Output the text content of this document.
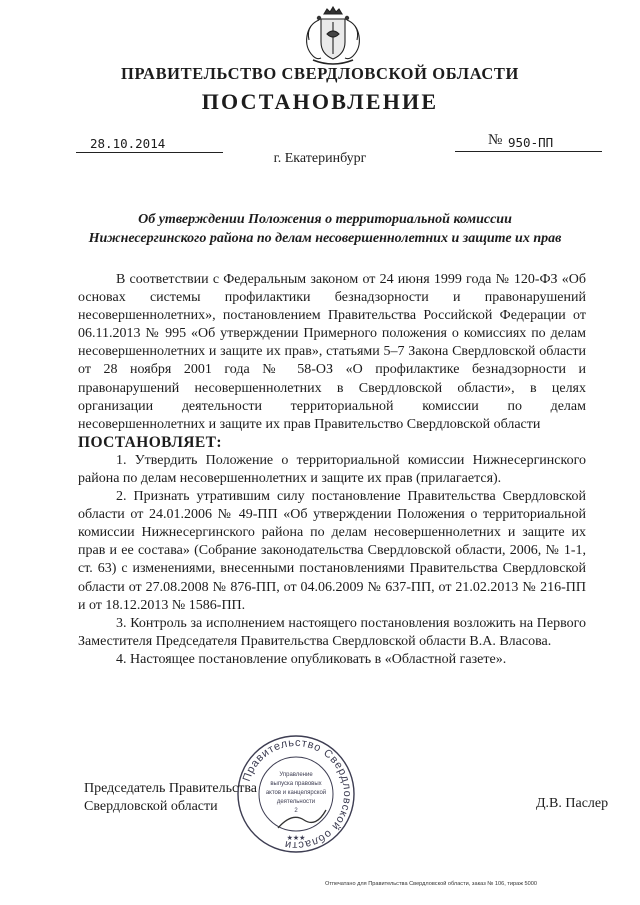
ПРАВИТЕЛЬСТВО СВЕРДЛОВСКОЙ ОБЛАСТИ
ПОСТАНОВЛЕНИЕ
28.10.2014	№ 950-ПП
г. Екатеринбург
Об утверждении Положения о территориальной комиссии
Нижнесергинского района по делам несовершеннолетних и защите их прав

В соответствии с Федеральным законом от 24 июня 1999 года № 120-ФЗ «Об основах системы профилактики безнадзорности и правонарушений несовершеннолетних», постановлением Правительства Российской Федерации от 06.11.2013 № 995 «Об утверждении Примерного положения о комиссиях по делам несовершеннолетних и защите их прав», статьями 5–7 Закона Свердловской области от 28 ноября 2001 года № 58-ОЗ «О профилактике безнадзорности и правонарушений несовершеннолетних в Свердловской области», в целях организации деятельности территориальной комиссии по делам несовершеннолетних и защите их прав Правительство Свердловской области

ПОСТАНОВЛЯЕТ:

1. Утвердить Положение о территориальной комиссии Нижнесергинского района по делам несовершеннолетних и защите их прав (прилагается).

2. Признать утратившим силу постановление Правительства Свердловской области от 24.01.2006 № 49-ПП «Об утверждении Положения о территориальной комиссии Нижнесергинского района по делам несовершеннолетних и защите их прав и ее состава» (Собрание законодательства Свердловской области, 2006, № 1-1, ст. 63) с изменениями, внесенными постановлениями Правительства Свердловской области от 27.08.2008 № 876-ПП, от 04.06.2009 № 637-ПП, от 21.02.2013 № 216-ПП и от 18.12.2013 № 1586-ПП.

3. Контроль за исполнением настоящего постановления возложить на Первого Заместителя Председателя Правительства Свердловской области В.А. Власова.

4. Настоящее постановление опубликовать в «Областной газете».

Правительство Свердловской области
Управление
выпуска правовых
актов и канцелярской
деятельности
2
★★★
Председатель Правительства
Свердловской области	Д.В. Паслер
Отпечатано для Правительства Свердловской области, заказ № 106, тираж 5000
